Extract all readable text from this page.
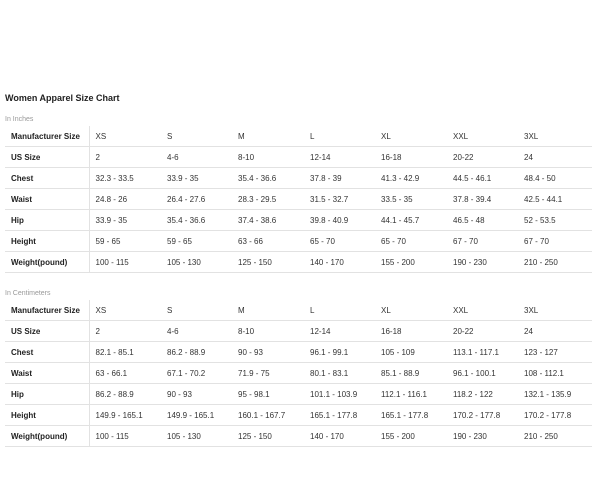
Women Apparel Size Chart
In Inches
Manufacturer Size	XS	S	M	L	XL	XXL	3XL
US Size	2	4-6	8-10	12-14	16-18	20-22	24
Chest	32.3 - 33.5	33.9 - 35	35.4 - 36.6	37.8 - 39	41.3 - 42.9	44.5 - 46.1	48.4 - 50
Waist	24.8 - 26	26.4 - 27.6	28.3 - 29.5	31.5 - 32.7	33.5 - 35	37.8 - 39.4	42.5 - 44.1
Hip	33.9 - 35	35.4 - 36.6	37.4 - 38.6	39.8 - 40.9	44.1 - 45.7	46.5 - 48	52 - 53.5
Height	59 - 65	59 - 65	63 - 66	65 - 70	65 - 70	67 - 70	67 - 70
Weight(pound)	100 - 115	105 - 130	125 - 150	140 - 170	155 - 200	190 - 230	210 - 250
In Centimeters
Manufacturer Size	XS	S	M	L	XL	XXL	3XL
US Size	2	4-6	8-10	12-14	16-18	20-22	24
Chest	82.1 - 85.1	86.2 - 88.9	90 - 93	96.1 - 99.1	105 - 109	113.1 - 117.1	123 - 127
Waist	63 - 66.1	67.1 - 70.2	71.9 - 75	80.1 - 83.1	85.1 - 88.9	96.1 - 100.1	108 - 112.1
Hip	86.2 - 88.9	90 - 93	95 - 98.1	101.1 - 103.9	112.1 - 116.1	118.2 - 122	132.1 - 135.9
Height	149.9 - 165.1	149.9 - 165.1	160.1 - 167.7	165.1 - 177.8	165.1 - 177.8	170.2 - 177.8	170.2 - 177.8
Weight(pound)	100 - 115	105 - 130	125 - 150	140 - 170	155 - 200	190 - 230	210 - 250
